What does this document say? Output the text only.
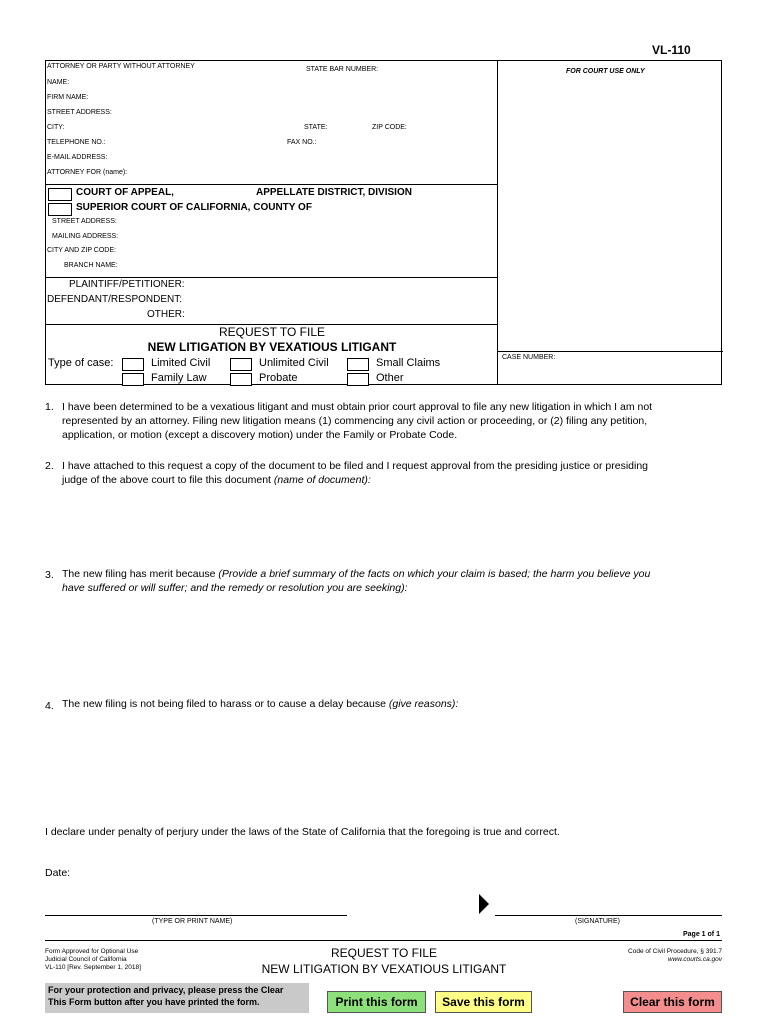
VL-110
ATTORNEY OR PARTY WITHOUT ATTORNEY	STATE BAR NUMBER:
NAME:
FIRM NAME:
STREET ADDRESS:
CITY:	STATE:	ZIP CODE:
TELEPHONE NO.:	FAX NO.:
E-MAIL ADDRESS:
ATTORNEY FOR (name):
COURT OF APPEAL,	APPELLATE DISTRICT, DIVISION
SUPERIOR COURT OF CALIFORNIA, COUNTY OF
STREET ADDRESS:
MAILING ADDRESS:
CITY AND ZIP CODE:
BRANCH NAME:
PLAINTIFF/PETITIONER:
DEFENDANT/RESPONDENT:
OTHER:
REQUEST TO FILE
NEW LITIGATION BY VEXATIOUS LITIGANT
Type of case:	Limited Civil	Unlimited Civil	Small Claims
Family Law	Probate	Other
FOR COURT USE ONLY
CASE NUMBER:
1. I have been determined to be a vexatious litigant and must obtain prior court approval to file any new litigation in which I am not
represented by an attorney. Filing new litigation means (1) commencing any civil action or proceeding, or (2) filing any petition,
application, or motion (except a discovery motion) under the Family or Probate Code.
2. I have attached to this request a copy of the document to be filed and I request approval from the presiding justice or presiding
judge of the above court to file this document (name of document):
3. The new filing has merit because (Provide a brief summary of the facts on which your claim is based; the harm you believe you
have suffered or will suffer; and the remedy or resolution you are seeking):
4. The new filing is not being filed to harass or to cause a delay because (give reasons):
I declare under penalty of perjury under the laws of the State of California that the foregoing is true and correct.
Date:
(TYPE OR PRINT NAME)	(SIGNATURE)
Page 1 of 1
Form Approved for Optional Use
Judicial Council of California
VL-110 [Rev. September 1, 2018]
REQUEST TO FILE
NEW LITIGATION BY VEXATIOUS LITIGANT
Code of Civil Procedure, § 391.7
www.courts.ca.gov
For your protection and privacy, please press the Clear
This Form button after you have printed the form.	Print this form	Save this form	Clear this form
